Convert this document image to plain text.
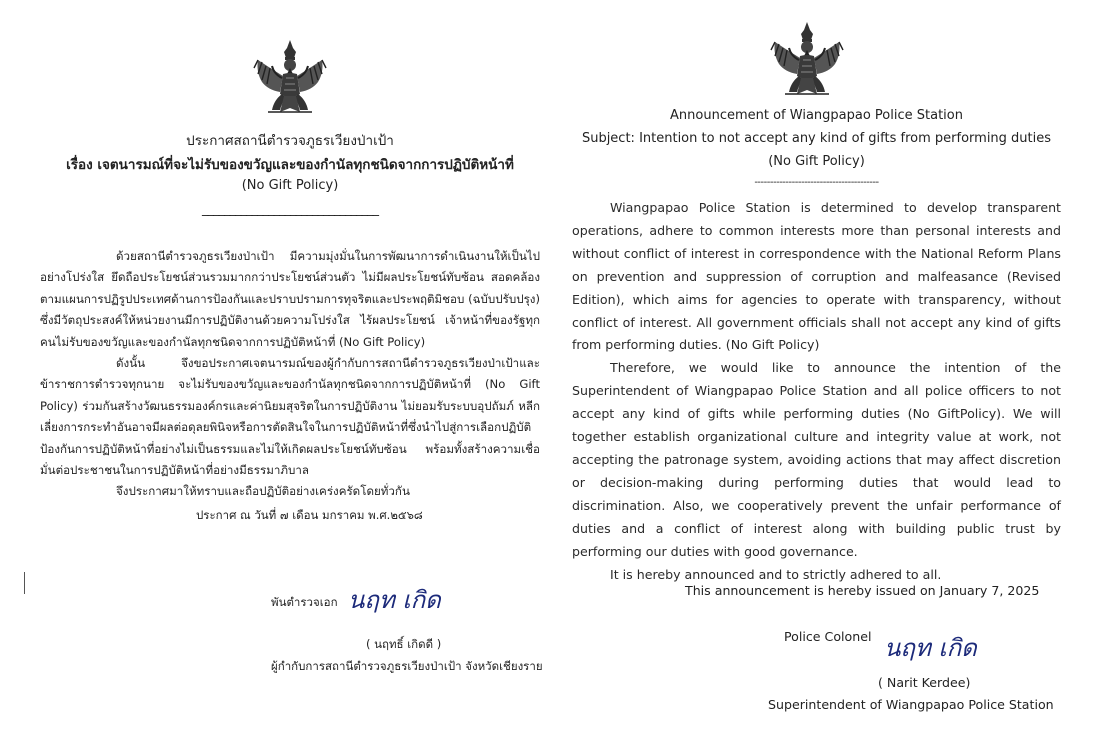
ประกาศสถานีตำรวจภูธรเวียงป่าเป้า
เรื่อง เจตนารมณ์ที่จะไม่รับของขวัญและของกำนัลทุกชนิดจากการปฏิบัติหน้าที่
(No Gift Policy)
________________________________

ด้วยสถานีตำรวจภูธรเวียงป่าเป้า มีความมุ่งมั่นในการพัฒนาการดำเนินงานให้เป็นไปอย่างโปร่งใส ยึดถือประโยชน์ส่วนรวมมากกว่าประโยชน์ส่วนตัว ไม่มีผลประโยชน์ทับซ้อน สอดคล้องตามแผนการปฏิรูปประเทศด้านการป้องกันและปราบปรามการทุจริตและประพฤติมิชอบ (ฉบับปรับปรุง) ซึ่งมีวัตถุประสงค์ให้หน่วยงานมีการปฏิบัติงานด้วยความโปร่งใส ไร้ผลประโยชน์ เจ้าหน้าที่ของรัฐทุกคนไม่รับของขวัญและของกำนัลทุกชนิดจากการปฏิบัติหน้าที่ (No Gift Policy)

ดังนั้น จึงขอประกาศเจตนารมณ์ของผู้กำกับการสถานีตำรวจภูธรเวียงป่าเป้าและข้าราชการตำรวจทุกนาย จะไม่รับของขวัญและของกำนัลทุกชนิดจากการปฏิบัติหน้าที่ (No Gift Policy) ร่วมกันสร้างวัฒนธรรมองค์กรและค่านิยมสุจริตในการปฏิบัติงาน ไม่ยอมรับระบบอุปถัมภ์ หลีกเลี่ยงการกระทำอันอาจมีผลต่อดุลยพินิจหรือการตัดสินใจในการปฏิบัติหน้าที่ซึ่งนำไปสู่การเลือกปฏิบัติ ป้องกันการปฏิบัติหน้าที่อย่างไม่เป็นธรรมและไม่ให้เกิดผลประโยชน์ทับซ้อน พร้อมทั้งสร้างความเชื่อมั่นต่อประชาชนในการปฏิบัติหน้าที่อย่างมีธรรมาภิบาล

จึงประกาศมาให้ทราบและถือปฏิบัติอย่างเคร่งครัดโดยทั่วกัน

ประกาศ ณ วันที่ ๗ เดือน มกราคม พ.ศ.๒๕๖๘
พันตำรวจเอก นฤท เกิด
( นฤทธิ์ เกิดดี )
ผู้กำกับการสถานีตำรวจภูธรเวียงป่าเป้า จังหวัดเชียงราย
Announcement of Wiangpapao Police Station
Subject: Intention to not accept any kind of gifts from performing duties
(No Gift Policy)
----------------------------------------

Wiangpapao Police Station is determined to develop transparent operations, adhere to common interests more than personal interests and without conflict of interest in correspondence with the National Reform Plans on prevention and suppression of corruption and malfeasance (Revised Edition), which aims for agencies to operate with transparency, without conflict of interest. All government officials shall not accept any kind of gifts from performing duties. (No Gift Policy)

Therefore, we would like to announce the intention of the Superintendent of Wiangpapao Police Station and all police officers to not accept any kind of gifts while performing duties (No GiftPolicy). We will together establish organizational culture and integrity value at work, not accepting the patronage system, avoiding actions that may affect discretion or decision-making during performing duties that would lead to discrimination. Also, we cooperatively prevent the unfair performance of duties and a conflict of interest along with building public trust by performing our duties with good governance.

It is hereby announced and to strictly adhered to all.

This announcement is hereby issued on January 7, 2025
Police Colonel นฤท เกิด
( Narit Kerdee)
Superintendent of Wiangpapao Police Station
